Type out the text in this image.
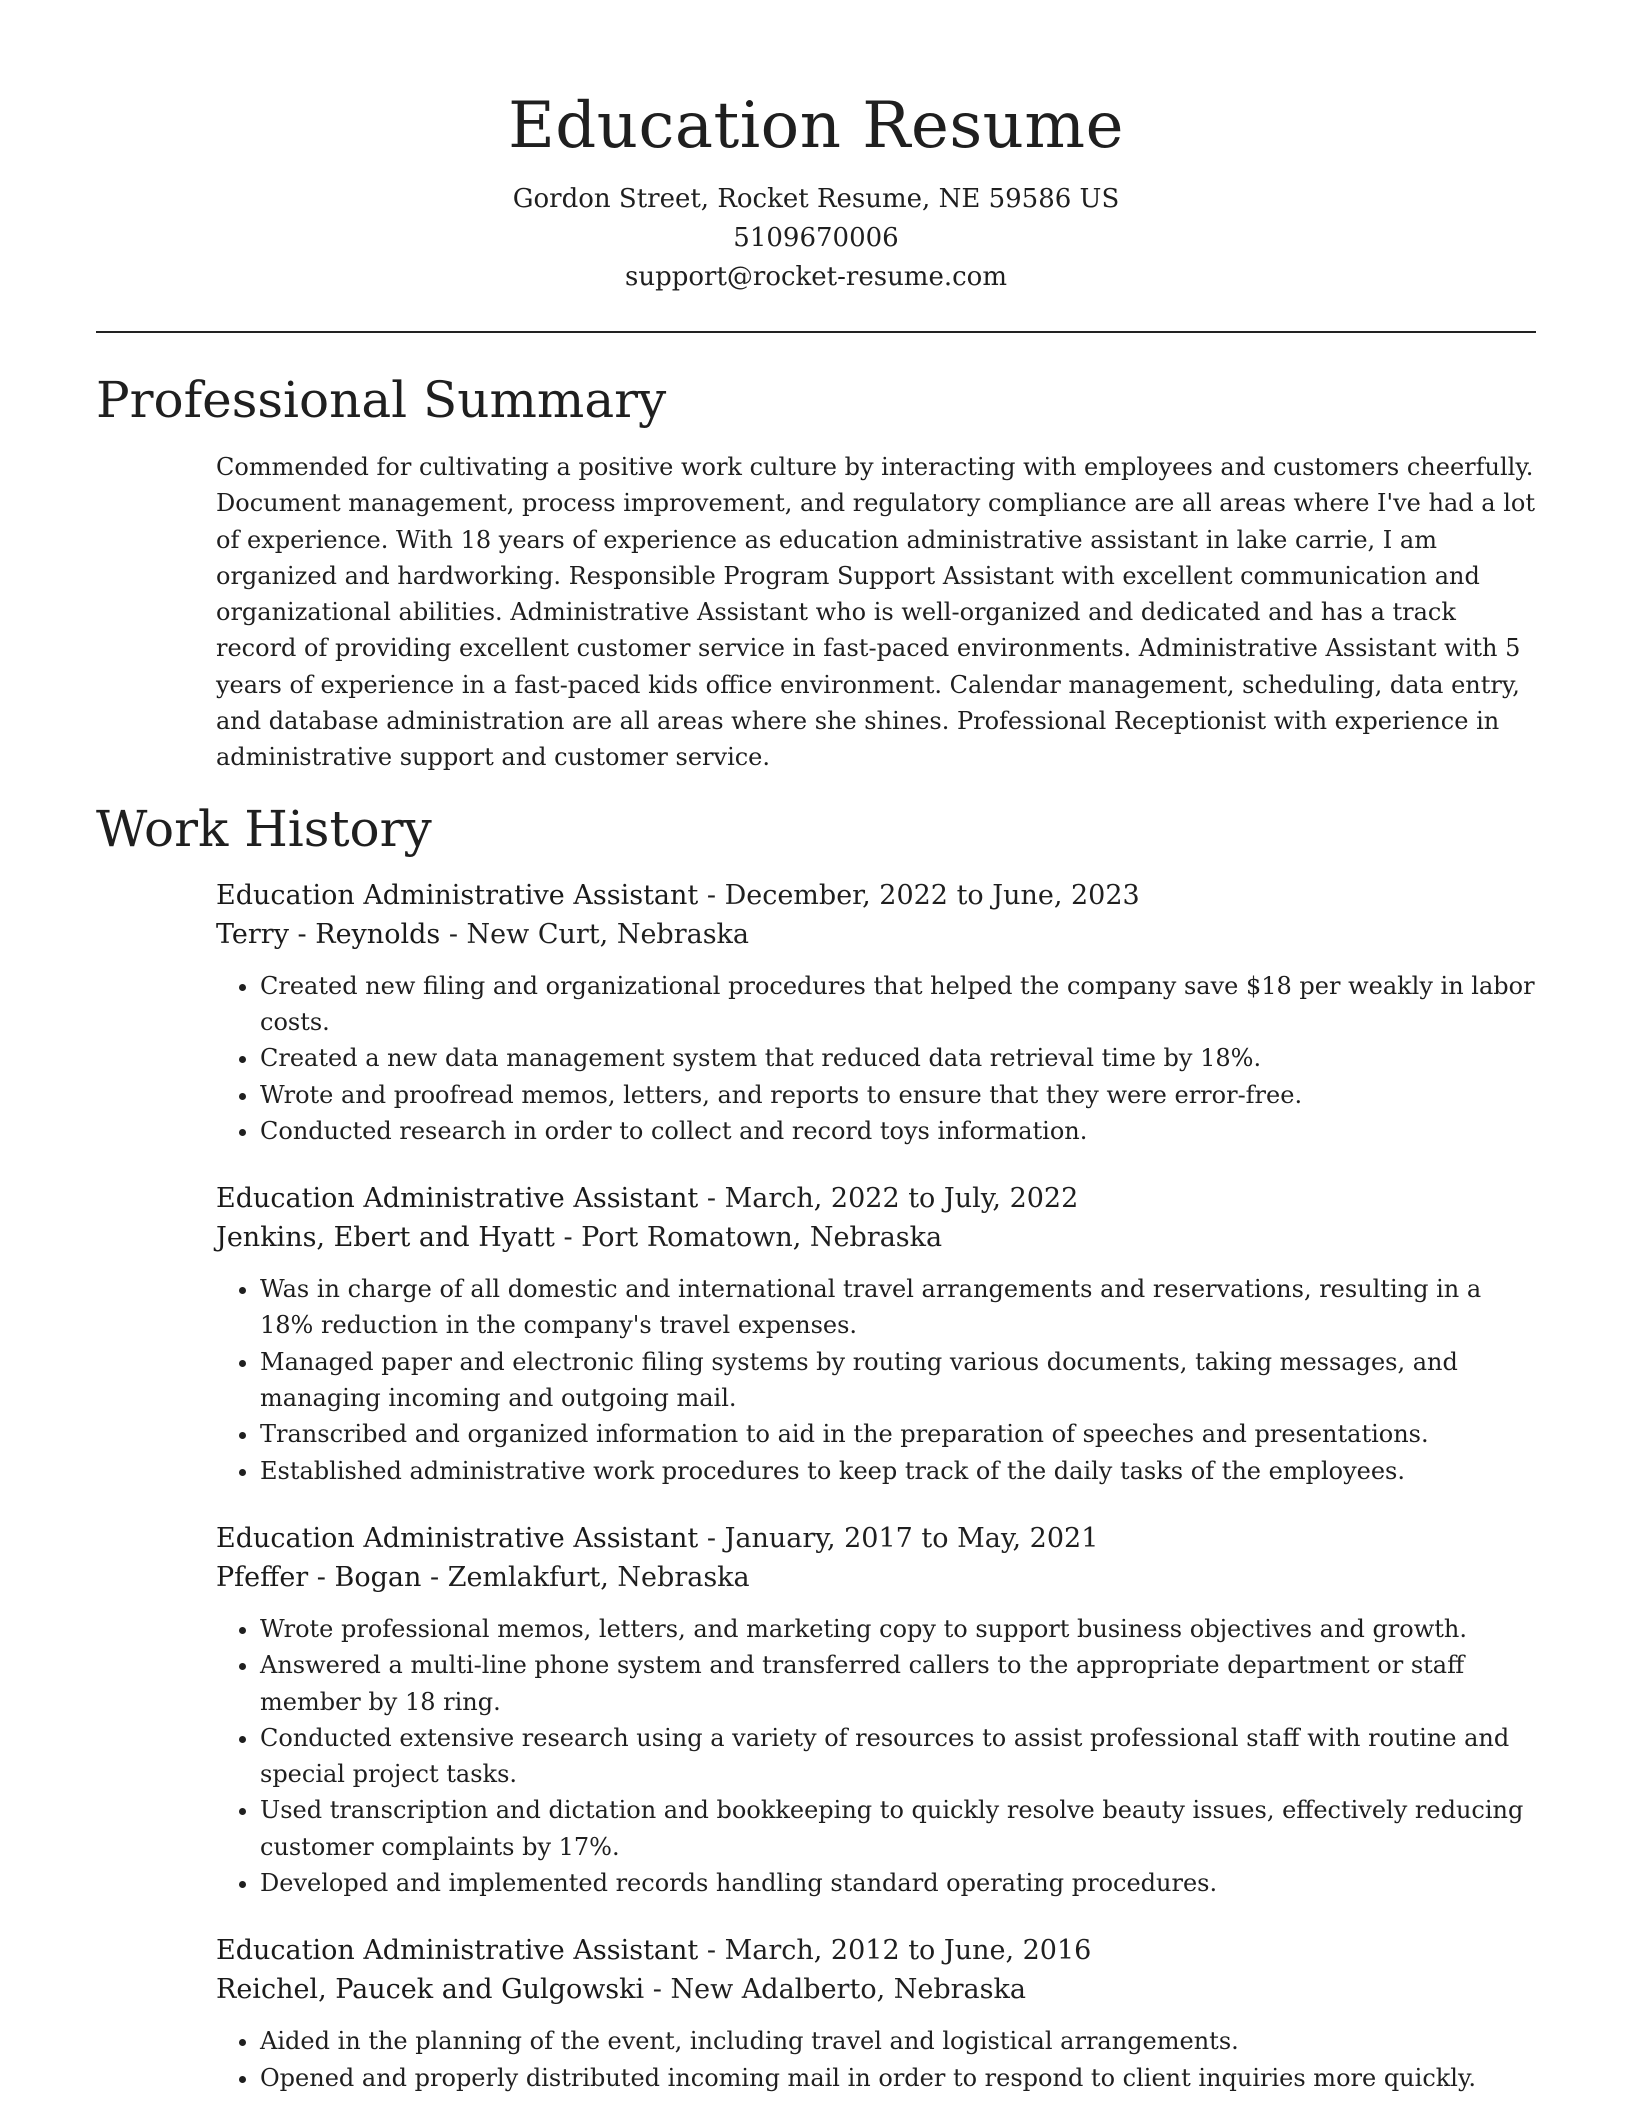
Education Resume
Gordon Street, Rocket Resume, NE 59586 US
5109670006
support@rocket-resume.com
Professional Summary
Commended for cultivating a positive work culture by interacting with employees and customers cheerfully. Document management, process improvement, and regulatory compliance are all areas where I've had a lot of experience. With 18 years of experience as education administrative assistant in lake carrie, I am organized and hardworking. Responsible Program Support Assistant with excellent communication and organizational abilities. Administrative Assistant who is well-organized and dedicated and has a track record of providing excellent customer service in fast-paced environments. Administrative Assistant with 5 years of experience in a fast-paced kids office environment. Calendar management, scheduling, data entry, and database administration are all areas where she shines. Professional Receptionist with experience in administrative support and customer service.
Work History
Education Administrative Assistant - December, 2022 to June, 2023
Terry - Reynolds - New Curt, Nebraska
• Created new filing and organizational procedures that helped the company save $18 per weakly in labor costs.
• Created a new data management system that reduced data retrieval time by 18%.
• Wrote and proofread memos, letters, and reports to ensure that they were error-free.
• Conducted research in order to collect and record toys information.
Education Administrative Assistant - March, 2022 to July, 2022
Jenkins, Ebert and Hyatt - Port Romatown, Nebraska
• Was in charge of all domestic and international travel arrangements and reservations, resulting in a 18% reduction in the company's travel expenses.
• Managed paper and electronic filing systems by routing various documents, taking messages, and managing incoming and outgoing mail.
• Transcribed and organized information to aid in the preparation of speeches and presentations.
• Established administrative work procedures to keep track of the daily tasks of the employees.
Education Administrative Assistant - January, 2017 to May, 2021
Pfeffer - Bogan - Zemlakfurt, Nebraska
• Wrote professional memos, letters, and marketing copy to support business objectives and growth.
• Answered a multi-line phone system and transferred callers to the appropriate department or staff member by 18 ring.
• Conducted extensive research using a variety of resources to assist professional staff with routine and special project tasks.
• Used transcription and dictation and bookkeeping to quickly resolve beauty issues, effectively reducing customer complaints by 17%.
• Developed and implemented records handling standard operating procedures.
Education Administrative Assistant - March, 2012 to June, 2016
Reichel, Paucek and Gulgowski - New Adalberto, Nebraska
• Aided in the planning of the event, including travel and logistical arrangements.
• Opened and properly distributed incoming mail in order to respond to client inquiries more quickly.
